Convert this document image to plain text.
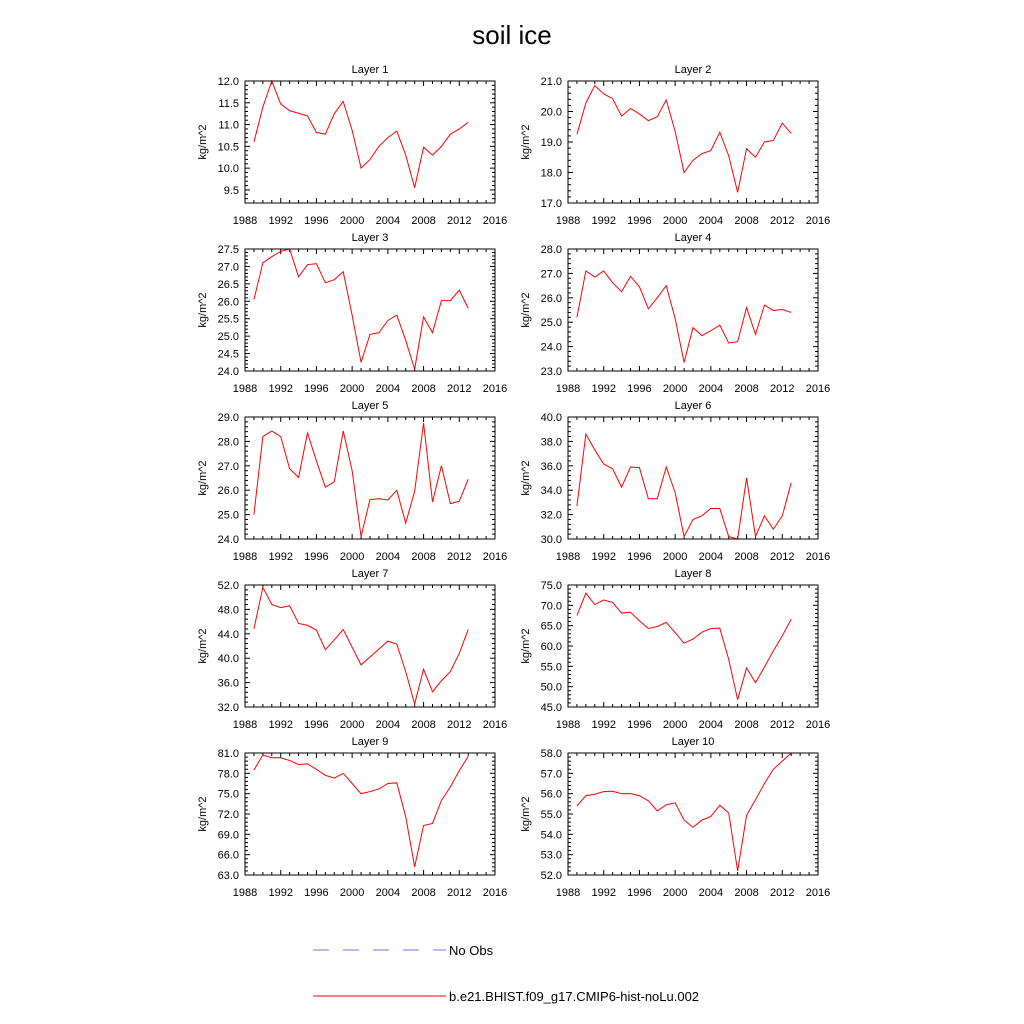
soil ice
Layer 1
kg/m^2
1988 1992 1996 2000 2004 2008 2012 2016
9.5
10.0
10.5
11.0
11.5
12.0
Layer 2
kg/m^2
1988 1992 1996 2000 2004 2008 2012 2016
17.0
18.0
19.0
20.0
21.0
Layer 3
kg/m^2
1988 1992 1996 2000 2004 2008 2012 2016
24.0
24.5
25.0
25.5
26.0
26.5
27.0
27.5
Layer 4
kg/m^2
1988 1992 1996 2000 2004 2008 2012 2016
23.0
24.0
25.0
26.0
27.0
28.0
Layer 5
kg/m^2
1988 1992 1996 2000 2004 2008 2012 2016
24.0
25.0
26.0
27.0
28.0
29.0
Layer 6
kg/m^2
1988 1992 1996 2000 2004 2008 2012 2016
30.0
32.0
34.0
36.0
38.0
40.0
Layer 7
kg/m^2
1988 1992 1996 2000 2004 2008 2012 2016
32.0
36.0
40.0
44.0
48.0
52.0
Layer 8
kg/m^2
1988 1992 1996 2000 2004 2008 2012 2016
45.0
50.0
55.0
60.0
65.0
70.0
75.0
Layer 9
kg/m^2
1988 1992 1996 2000 2004 2008 2012 2016
63.0
66.0
69.0
72.0
75.0
78.0
81.0
Layer 10
kg/m^2
1988 1992 1996 2000 2004 2008 2012 2016
52.0
53.0
54.0
55.0
56.0
57.0
58.0
No Obs
b.e21.BHIST.f09_g17.CMIP6-hist-noLu.002
